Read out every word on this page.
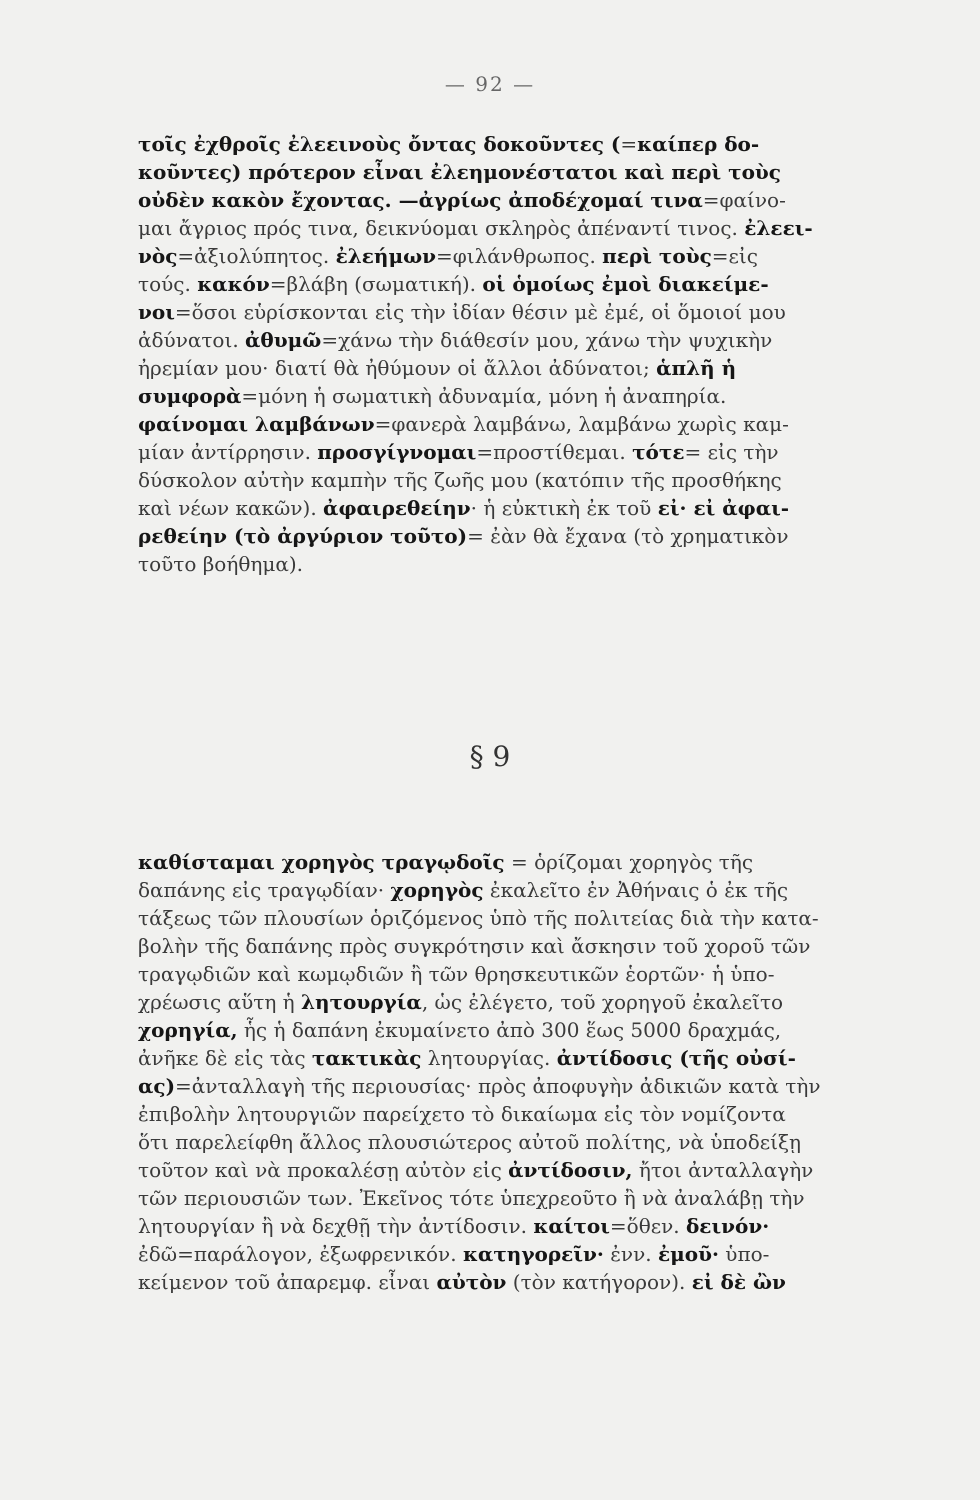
— 92 —
τοῖς ἐχθροῖς ἐλεεινοὺς ὄντας δοκοῦντες (=καίπερ δο-
κοῦντες) πρότερον εἶναι ἐλεημονέστατοι καὶ περὶ τοὺς
οὐδὲν κακὸν ἔχοντας. —ἀγρίως ἀποδέχομαί τινα=φαίνο-
μαι ἄγριος πρός τινα, δεικνύομαι σκληρὸς ἀπέναντί τινος. ἐλεει-
νὸς=ἀξιολύπητος. ἐλεήμων=φιλάνθρωπος. περὶ τοὺς=εἰς
τούς. κακόν=βλάβη (σωματική). οἱ ὁμοίως ἐμοὶ διακείμε-
νοι=ὅσοι εὑρίσκονται εἰς τὴν ἰδίαν θέσιν μὲ ἐμέ, οἱ ὅμοιοί μου
ἀδύνατοι. ἀθυμῶ=χάνω τὴν διάθεσίν μου, χάνω τὴν ψυχικὴν
ἠρεμίαν μου· διατί θὰ ἠθύμουν οἱ ἄλλοι ἀδύνατοι; ἁπλῆ ἡ
συμφορὰ=μόνη ἡ σωματικὴ ἀδυναμία, μόνη ἡ ἀναπηρία.
φαίνομαι λαμβάνων=φανερὰ λαμβάνω, λαμβάνω χωρὶς καμ-
μίαν ἀντίρρησιν. προσγίγνομαι=προστίθεμαι. τότε= εἰς τὴν
δύσκολον αὐτὴν καμπὴν τῆς ζωῆς μου (κατόπιν τῆς προσθήκης
καὶ νέων κακῶν). ἀφαιρεθείην· ἡ εὐκτικὴ ἐκ τοῦ εἰ· εἰ ἀφαι-
ρεθείην (τὸ ἀργύριον τοῦτο)= ἐὰν θὰ ἔχανα (τὸ χρηματικὸν
τοῦτο βοήθημα).
§ 9
καθίσταμαι χορηγὸς τραγῳδοῖς = ὁρίζομαι χορηγὸς τῆς
δαπάνης εἰς τραγῳδίαν· χορηγὸς ἐκαλεῖτο ἐν Ἀθήναις ὁ ἐκ τῆς
τάξεως τῶν πλουσίων ὁριζόμενος ὑπὸ τῆς πολιτείας διὰ τὴν κατα-
βολὴν τῆς δαπάνης πρὸς συγκρότησιν καὶ ἄσκησιν τοῦ χοροῦ τῶν
τραγῳδιῶν καὶ κωμῳδιῶν ἢ τῶν θρησκευτικῶν ἑορτῶν· ἡ ὑπο-
χρέωσις αὕτη ἡ λητουργία, ὡς ἐλέγετο, τοῦ χορηγοῦ ἐκαλεῖτο
χορηγία, ἧς ἡ δαπάνη ἐκυμαίνετο ἀπὸ 300 ἕως 5000 δραχμάς,
ἀνῆκε δὲ εἰς τὰς τακτικὰς λητουργίας. ἀντίδοσις (τῆς οὐσί-
ας)=ἀνταλλαγὴ τῆς περιουσίας· πρὸς ἀποφυγὴν ἀδικιῶν κατὰ τὴν
ἐπιβολὴν λητουργιῶν παρείχετο τὸ δικαίωμα εἰς τὸν νομίζοντα
ὅτι παρελείφθη ἄλλος πλουσιώτερος αὐτοῦ πολίτης, νὰ ὑποδείξῃ
τοῦτον καὶ νὰ προκαλέσῃ αὐτὸν εἰς ἀντίδοσιν, ἤτοι ἀνταλλαγὴν
τῶν περιουσιῶν των. Ἐκεῖνος τότε ὑπεχρεοῦτο ἢ νὰ ἀναλάβῃ τὴν
λητουργίαν ἢ νὰ δεχθῇ τὴν ἀντίδοσιν. καίτοι=ὅθεν. δεινόν·
ἐδῶ=παράλογον, ἐξωφρενικόν. κατηγορεῖν· ἐνν. ἐμοῦ· ὑπο-
κείμενον τοῦ ἀπαρεμφ. εἶναι αὐτὸν (τὸν κατήγορον). εἰ δὲ ὢν
